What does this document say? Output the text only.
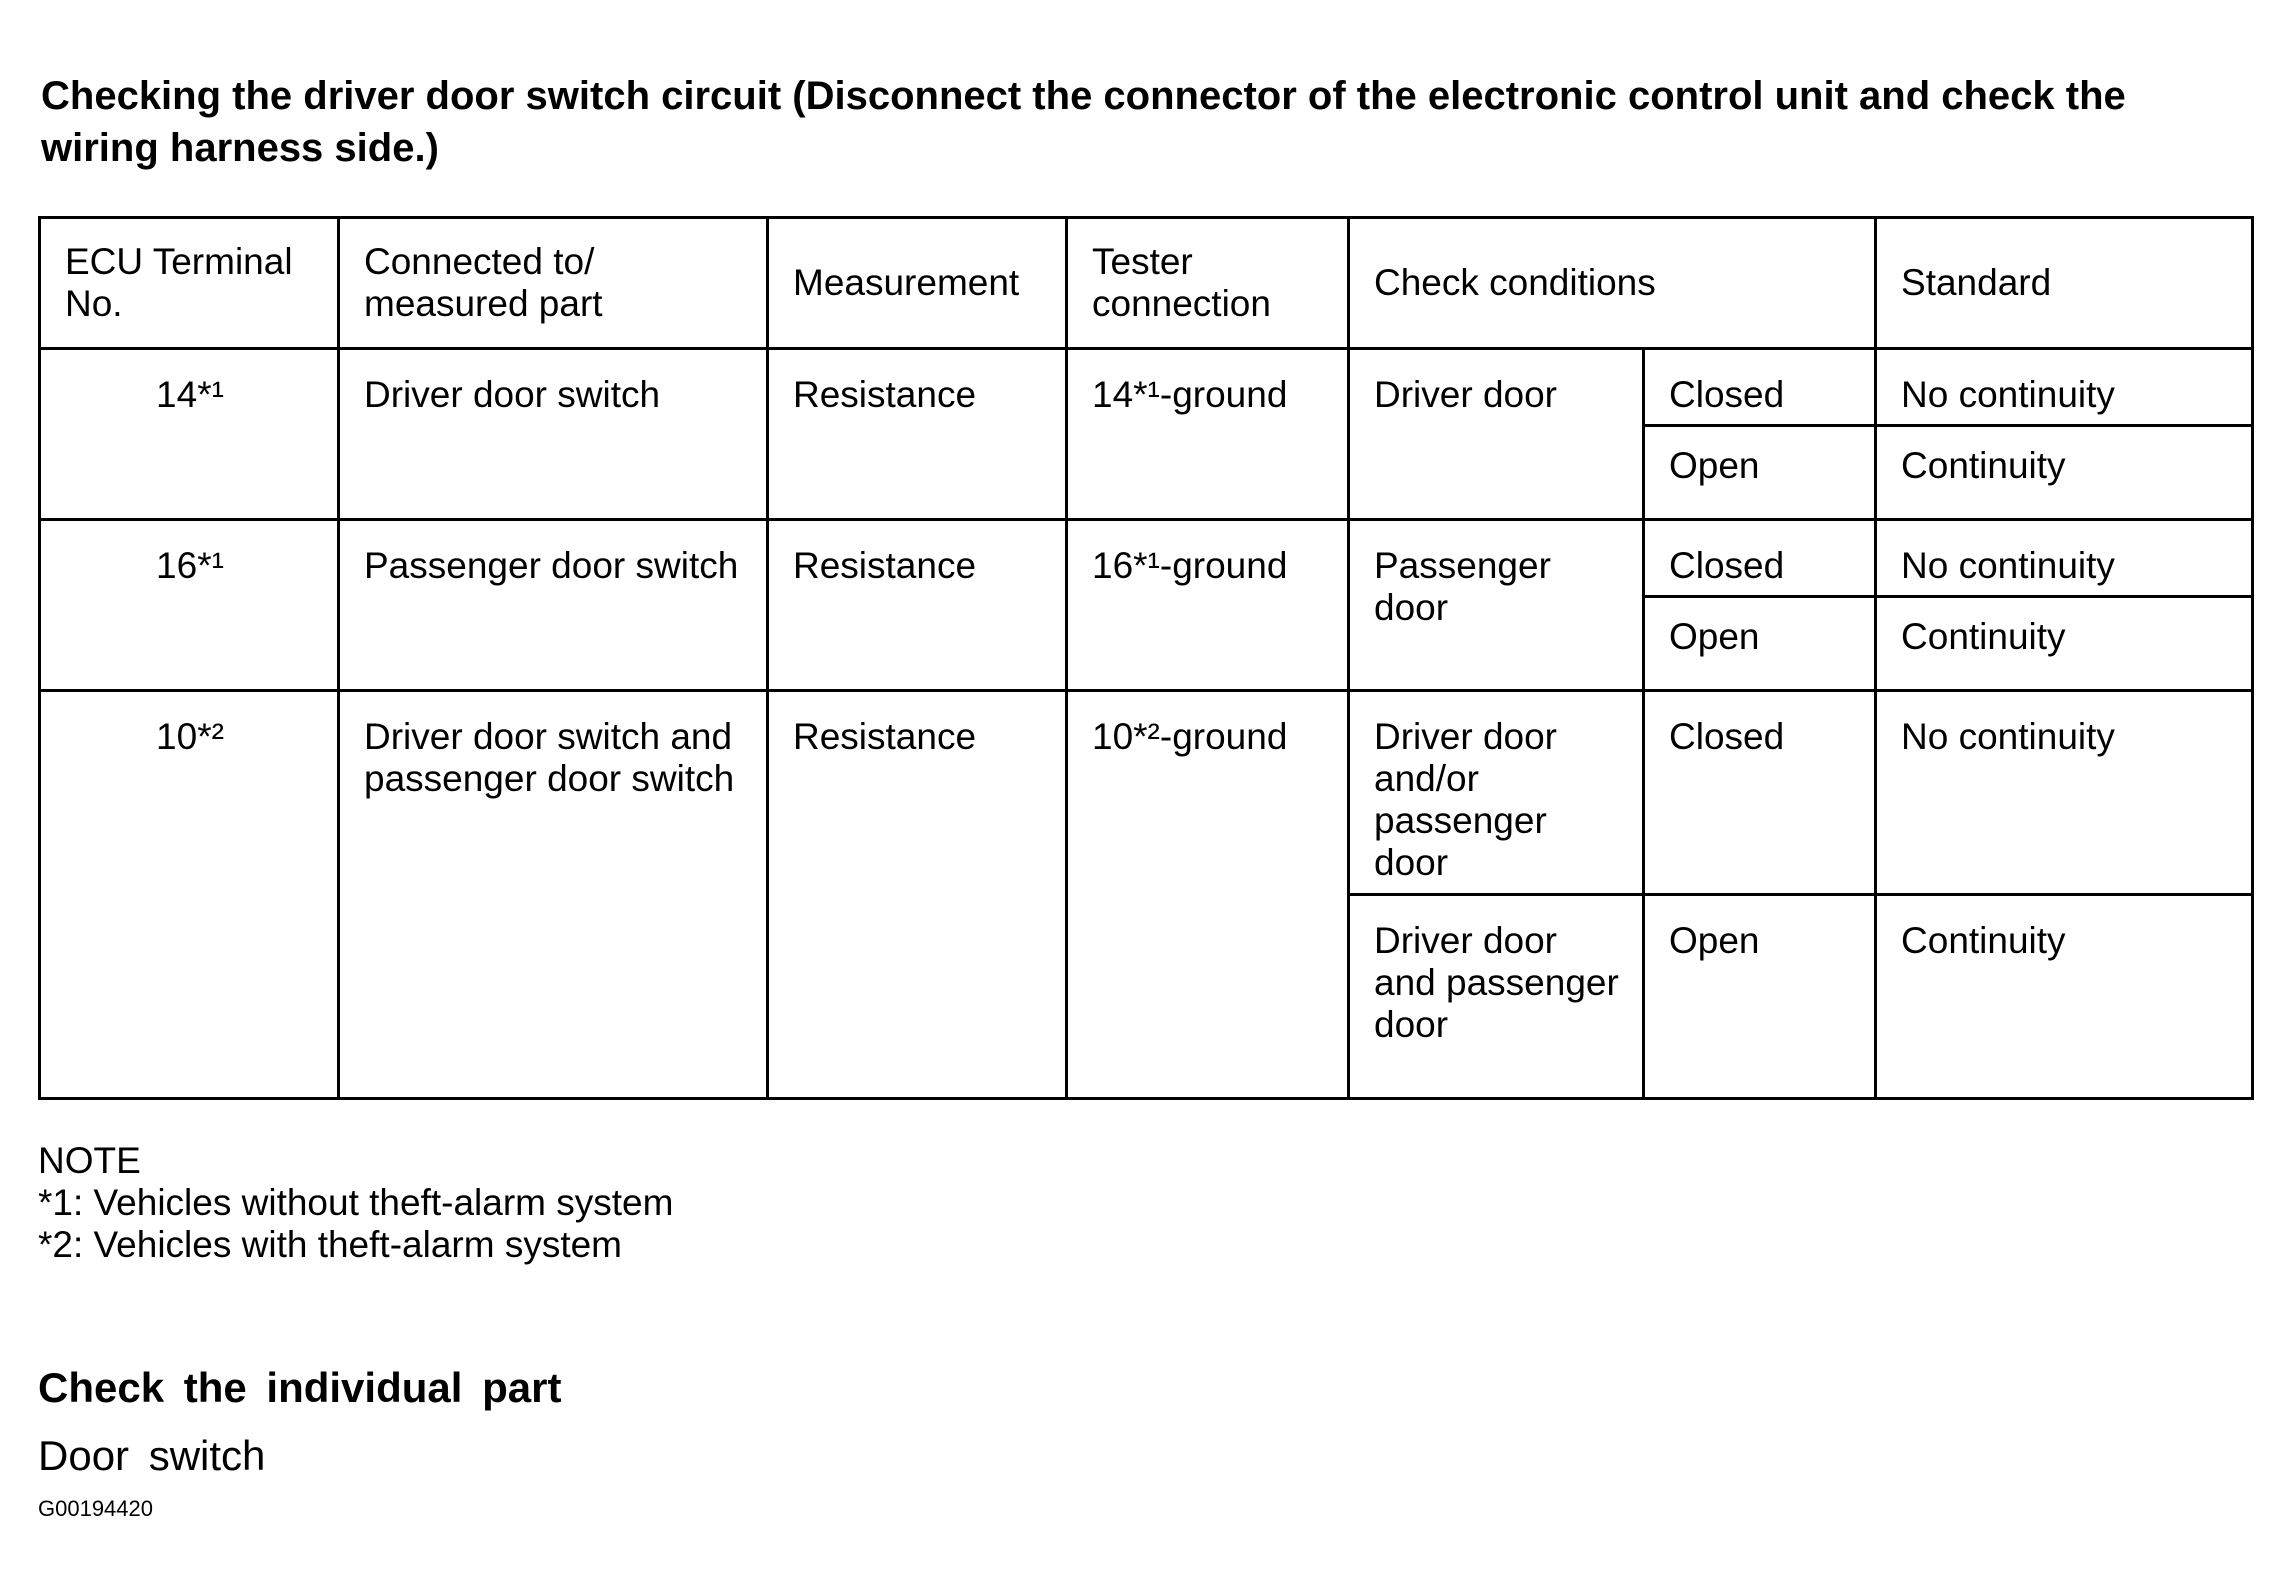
Checking the driver door switch circuit (Disconnect the connector of the electronic control unit and check the wiring harness side.)
ECU Terminal No.	Connected to/ measured part	Measurement	Tester connection	Check conditions		Standard
14*¹	Driver door switch	Resistance	14*¹-ground	Driver door	Closed	No continuity
					Open	Continuity
16*¹	Passenger door switch	Resistance	16*¹-ground	Passenger door	Closed	No continuity
					Open	Continuity
10*²	Driver door switch and passenger door switch	Resistance	10*²-ground	Driver door and/or passenger door	Closed	No continuity
				Driver door and passenger door	Open	Continuity
NOTE
*1: Vehicles without theft-alarm system
*2: Vehicles with theft-alarm system
Check the individual part
Door switch
G00194420
